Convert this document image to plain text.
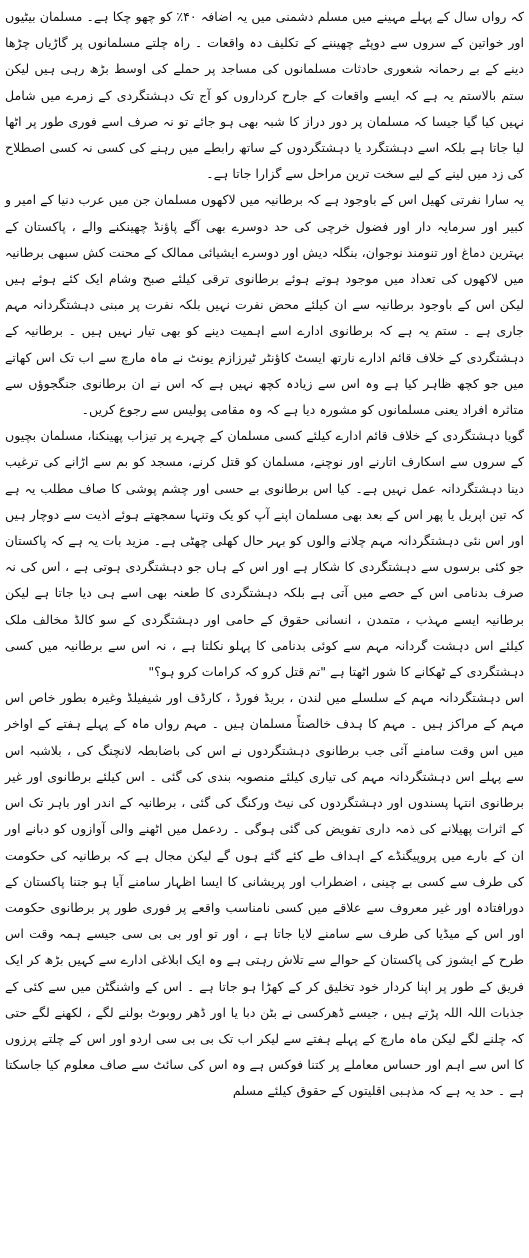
کہ رواں سال کے پہلے مہینے میں مسلم دشمنی میں یہ اضافہ ۴۰٪ کو چھو چکا ہے۔ مسلمان بیٹیوں اور خواتین کے سروں سے دوپٹے چھیننے کے تکلیف دہ واقعات ۔ راہ چلتے مسلمانوں پر گاڑیاں چڑھا دینے کے بے رحمانہ شعوری حادثات مسلمانوں کی مساجد پر حملے کی اوسط بڑھ رہی ہیں لیکن ستم بالاستم یہ ہے کہ ایسے واقعات کے جارح کرداروں کو آج تک دہشتگردی کے زمرے میں شامل نہیں کیا گیا جیسا کہ مسلمان پر دور دراز کا شبہ بھی ہو جائے تو نہ صرف اسے فوری طور پر اٹھا لیا جاتا ہے بلکہ اسے دہشتگرد یا دہشتگردوں کے ساتھ رابطے میں رہنے کی کسی نہ کسی اصطلاح کی زد میں لینے کے لیے سخت ترین مراحل سے گزارا جاتا ہے۔

یہ سارا نفرتی کھیل اس کے باوجود ہے کہ برطانیہ میں لاکھوں مسلمان جن میں عرب دنیا کے امیر و کبیر اور سرمایہ دار اور فضول خرچی کی حد دوسرے بھی آگے پاؤنڈ چھینکنے والے ، پاکستان کے بہترین دماغ اور تنومند نوجوان، بنگلہ دیش اور دوسرے ایشیائی ممالک کے محنت کش سبھی برطانیہ میں لاکھوں کی تعداد میں موجود ہوتے ہوئے برطانوی ترقی کیلئے صبح وشام ایک کئے ہوئے ہیں لیکن اس کے باوجود برطانیہ سے ان کیلئے محض نفرت نہیں بلکہ نفرت پر مبنی دہشتگردانہ مہم جاری ہے ۔ ستم یہ ہے کہ برطانوی ادارے اسے اہمیت دینے کو بھی تیار نہیں ہیں ۔ برطانیہ کے دہشتگردی کے خلاف قائم ادارے نارتھ ایسٹ کاؤنٹر ٹیرزازم یونٹ نے ماہ مارچ سے اب تک اس کھاتے میں جو کچھ ظاہر کیا ہے وہ اس سے زیادہ کچھ نہیں ہے کہ اس نے ان برطانوی جنگجوؤں سے متاثرہ افراد یعنی مسلمانوں کو مشورہ دیا ہے کہ وہ مقامی پولیس سے رجوع کریں۔

گویا دہشتگردی کے خلاف قائم ادارے کیلئے کسی مسلمان کے چہرے پر تیزاب پھینکنا، مسلمان بچیوں کے سروں سے اسکارف اتارنے اور نوچنے، مسلمان کو قتل کرنے، مسجد کو بم سے اڑانے کی ترغیب دینا دہشتگردانہ عمل نہیں ہے۔ کیا اس برطانوی بے حسی اور چشم پوشی کا صاف مطلب یہ ہے کہ تین اپریل یا پھر اس کے بعد بھی مسلمان اپنے آپ کو یک وتنہا سمجھتے ہوئے اذیت سے دوچار ہیں اور اس نئی دہشتگردانہ مہم چلانے والوں کو بہر حال کھلی چھٹی ہے۔ مزید بات یہ ہے کہ پاکستان جو کئی برسوں سے دہشتگردی کا شکار ہے اور اس کے ہاں جو دہشتگردی ہوتی ہے ، اس کی نہ صرف بدنامی اس کے حصے میں آتی ہے بلکہ دہشتگردی کا طعنہ بھی اسے ہی دیا جاتا ہے لیکن برطانیہ ایسے مہذب ، متمدن ، انسانی حقوق کے حامی اور دہشتگردی کے سو کالڈ مخالف ملک کیلئے اس دہشت گردانہ مہم سے کوئی بدنامی کا پہلو نکلتا ہے ، نہ اس سے برطانیہ میں کسی دہشتگردی کے ٹھکانے کا شور اٹھتا ہے "تم قتل کرو کہ کرامات کرو ہو؟"

اس دہشتگردانہ مہم کے سلسلے میں لندن ، بریڈ فورڈ ، کارڈف اور شیفیلڈ وغیرہ بطور خاص اس مہم کے مراکز ہیں ۔ مہم کا ہدف خالصتاً مسلمان ہیں ۔ مہم رواں ماہ کے پہلے ہفتے کے اواخر میں اس وقت سامنے آئی جب برطانوی دہشتگردوں نے اس کی باضابطہ لانچنگ کی ، بلاشبہ اس سے پہلے اس دہشتگردانہ مہم کی تیاری کیلئے منصوبہ بندی کی گئی ۔ اس کیلئے برطانوی اور غیر برطانوی انتہا پسندوں اور دہشتگردوں کی نیٹ ورکنگ کی گئی ، برطانیہ کے اندر اور باہر تک اس کے اثرات پھیلانے کی ذمہ داری تفویض کی گئی ہوگی ۔ ردعمل میں اٹھنے والی آوازوں کو دبانے اور ان کے بارے میں پروپیگنڈے کے اہداف طے کئے گئے ہوں گے لیکن مجال ہے کہ برطانیہ کی حکومت کی طرف سے کسی بے چینی ، اضطراب اور پریشانی کا ایسا اظہار سامنے آیا ہو جتنا پاکستان کے دورافتادہ اور غیر معروف سے علاقے میں کسی نامناسب واقعے پر فوری طور پر برطانوی حکومت اور اس کے میڈیا کی طرف سے سامنے لایا جاتا ہے ، اور تو اور بی بی سی جیسے ہمہ وقت اس طرح کے ایشوز کی پاکستان کے حوالے سے تلاش رہتی ہے وہ ایک ابلاغی ادارے سے کہیں بڑھ کر ایک فریق کے طور پر اپنا کردار خود تخلیق کر کے کھڑا ہو جاتا ہے ۔ اس کے واشنگٹن میں سے کئی کے جذبات اللہ اللہ پڑتے ہیں ، جیسے ڈھرکسی نے بٹن دبا یا اور ڈھر روبوٹ بولنے لگے ، لکھنے لگے حتی کہ چلنے لگے لیکن ماہ مارچ کے پہلے ہفتے سے لیکر اب تک بی بی سی اردو اور اس کے چلتے پرزوں کا اس سے اہم اور حساس معاملے پر کتنا فوکس ہے وہ اس کی سائٹ سے صاف معلوم کیا جاسکتا ہے ۔ حد یہ ہے کہ مذہبی اقلیتوں کے حقوق کیلئے مسلم
